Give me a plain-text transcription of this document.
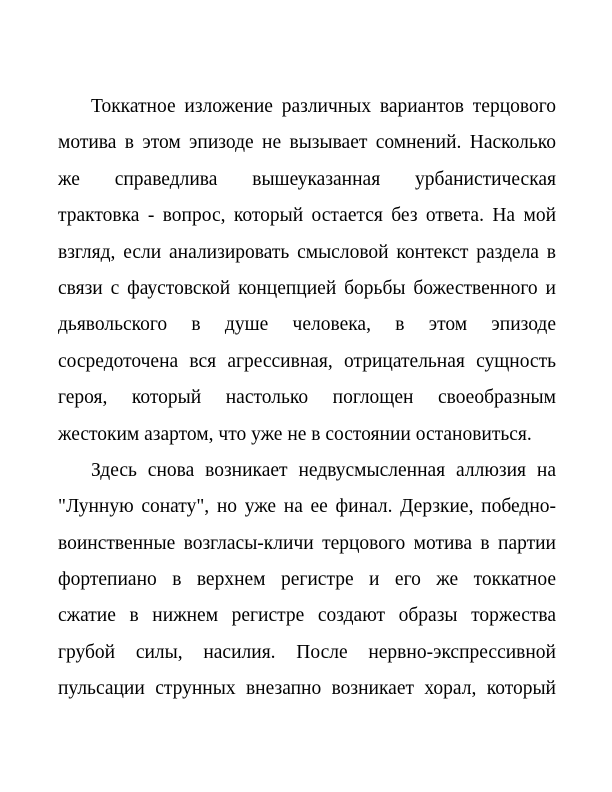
Токкатное изложение различных вариантов терцового
мотива в этом эпизоде не вызывает сомнений. Насколько
же справедлива вышеуказанная урбанистическая
трактовка - вопрос, который остается без ответа. На мой
взгляд, если анализировать смысловой контекст раздела в
связи с фаустовской концепцией борьбы божественного и
дьявольского в душе человека, в этом эпизоде
сосредоточена вся агрессивная, отрицательная сущность
героя, который настолько поглощен своеобразным
жестоким азартом, что уже не в состоянии остановиться.
Здесь снова возникает недвусмысленная аллюзия на
"Лунную сонату", но уже на ее финал. Дерзкие, победно-
воинственные возгласы-кличи терцового мотива в партии
фортепиано в верхнем регистре и его же токкатное
сжатие в нижнем регистре создают образы торжества
грубой силы, насилия. После нервно-экспрессивной
пульсации струнных внезапно возникает хорал, который
